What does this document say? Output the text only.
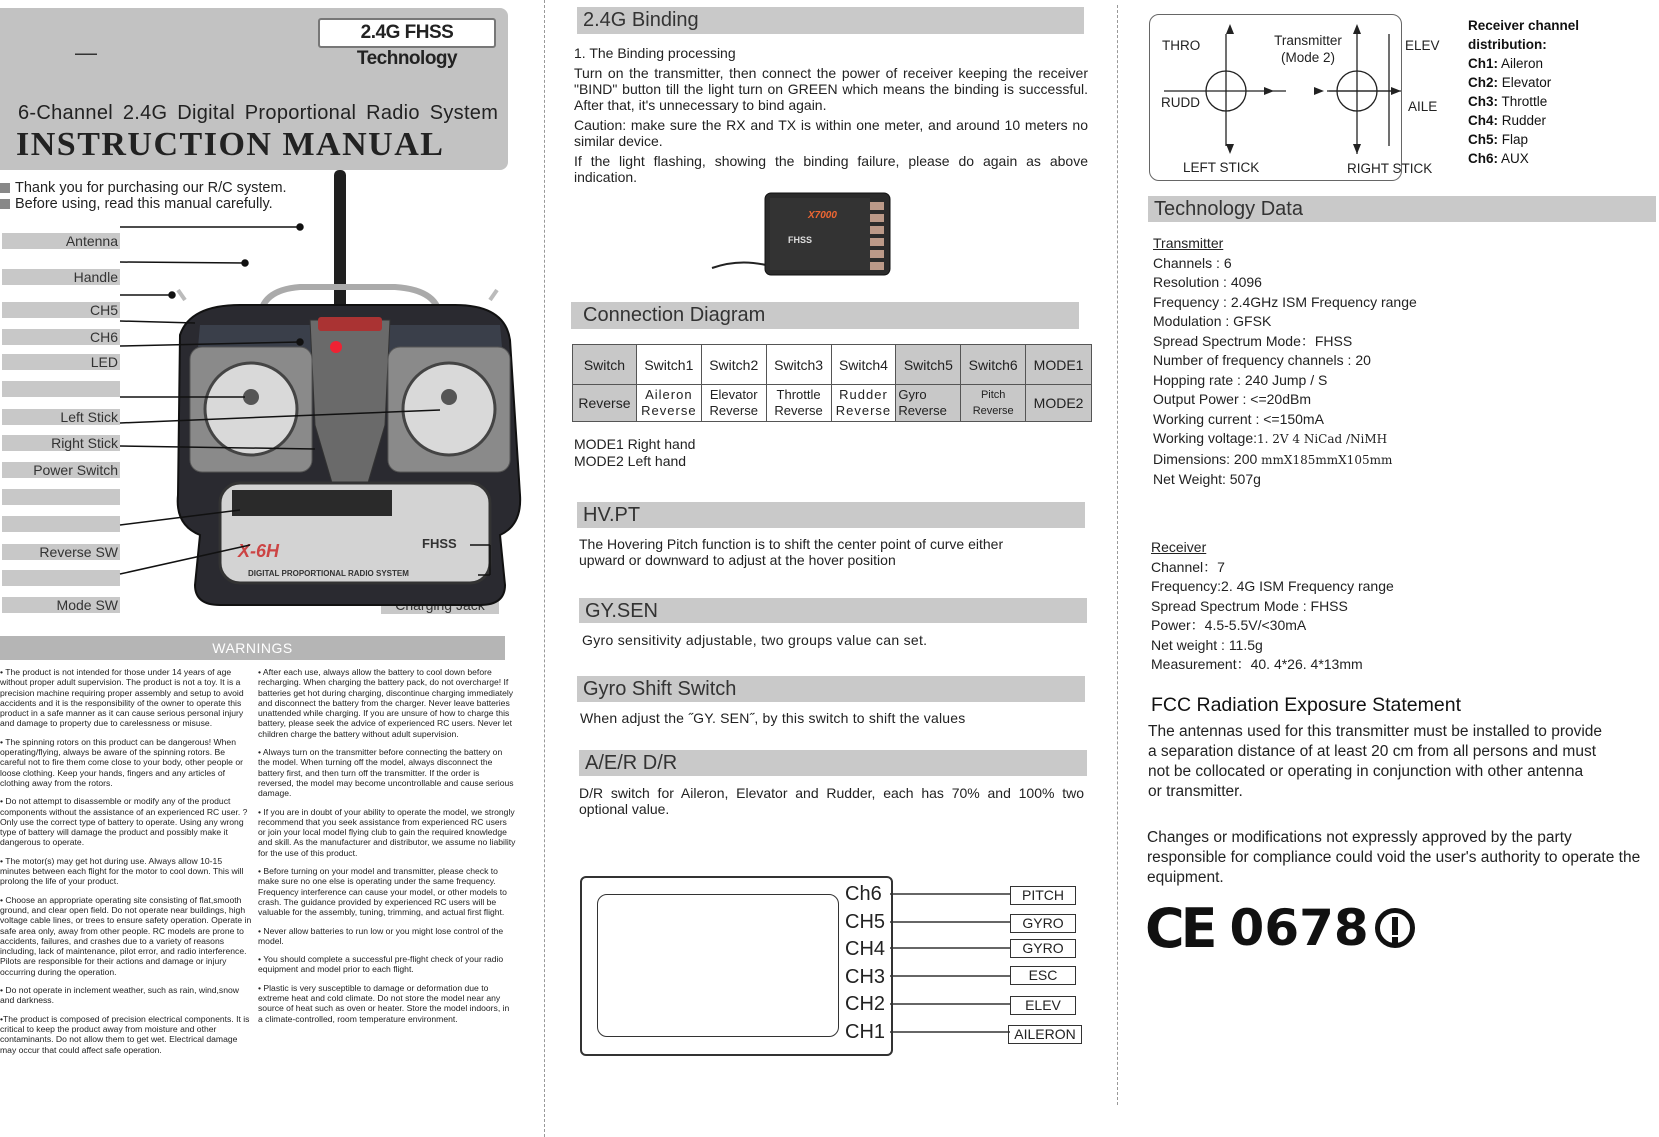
2.4G FHSS Technology
—
6-Channel 2.4G Digital Proportional Radio System
INSTRUCTION MANUAL
Thank you for purchasing our R/C system.
Before using, read this manual carefully.
Antenna
Handle
CH5
CH6
LED
Left Stick
Right Stick
Power Switch
Reverse SW
Mode SW
X-6H	FHSS
DIGITAL PROPORTIONAL RADIO SYSTEM
WARNINGS

• The product is not intended for those under 14 years of age without proper adult supervision. The product is not a toy. It is a precision machine requiring proper assembly and setup to avoid accidents and it is the responsibility of the owner to operate this product in a safe manner as it can cause serious personal injury and damage to property due to carelessness or misuse.

• The spinning rotors on this product can be dangerous! When operating/flying, always be aware of the spinning rotors. Be careful not to fire them come close to your body, other people or loose clothing. Keep your hands, fingers and any articles of clothing away from the rotors.

• Do not attempt to disassemble or modify any of the product components without the assistance of an experienced RC user. ? Only use the correct type of battery to operate. Using any wrong type of battery will damage the product and possibly make it dangerous to operate.

• The motor(s) may get hot during use. Always allow 10-15 minutes between each flight for the motor to cool down. This will prolong the life of your product.

• Choose an appropriate operating site consisting of flat,smooth ground, and clear open field. Do not operate near buildings, high voltage cable lines, or trees to ensure safety operation. Operate in safe area only, away from other people. RC models are prone to accidents, failures, and crashes due to a variety of reasons including, lack of maintenance, pilot error, and radio interference. Pilots are responsible for their actions and damage or injury occurring during the operation.

• Do not operate in inclement weather, such as rain, wind,snow and darkness.

•The product is composed of precision electrical components. It is critical to keep the product away from moisture and other contaminants. Do not allow them to get wet. Electrical damage may occur that could affect safe operation.

• After each use, always allow the battery to cool down before recharging. When charging the battery pack, do not overcharge! If batteries get hot during charging, discontinue charging immediately and disconnect the battery from the charger. Never leave batteries unattended while charging. If you are unsure of how to charge this battery, please seek the advice of experienced RC users. Never let children charge the battery without adult supervision.

• Always turn on the transmitter before connecting the battery on the model. When turning off the model, always disconnect the battery first, and then turn off the transmitter. If the order is reversed, the model may become uncontrollable and cause serious damage.

• If you are in doubt of your ability to operate the model, we strongly recommend that you seek assistance from experienced RC users or join your local model flying club to gain the required knowledge and skill. As the manufacturer and distributor, we assume no liability for the use of this product.

• Before turning on your model and transmitter, please check to make sure no one else is operating under the same frequency. Frequency interference can cause your model, or other models to crash. The guidance provided by experienced RC users will be valuable for the assembly, tuning, trimming, and actual first flight.

• Never allow batteries to run low or you might lose control of the model.

• You should complete a successful pre-flight check of your radio equipment and model prior to each flight.

• Plastic is very susceptible to damage or deformation due to extreme heat and cold climate. Do not store the model near any source of heat such as oven or heater. Store the model indoors, in a climate-controlled, room temperature environment.

2.4G Binding
1. The Binding processing
Turn on the transmitter, then connect the power of receiver keeping the receiver "BIND" button till the light turn on GREEN which means the binding is successful. After that, it's unnecessary to bind again.
Caution: make sure the RX and TX is within one meter, and around 10 meters no similar device.
If the light flashing, showing the binding failure, please do again as above indication.
X7000
FHSS
Connection Diagram
Switch	Switch1	Switch2	Switch3	Switch4	Switch5	Switch6	MODE1
Reverse	Aileron Reverse	Elevator Reverse	Throttle Reverse	Rudder Reverse	Gyro Reverse	Pitch Reverse	MODE2
MODE1 Right hand
MODE2 Left hand
HV.PT
The Hovering Pitch function is to shift the center point of curve either upward or downward to adjust at the hover position
GY.SEN
Gyro sensitivity adjustable, two groups value can set.
Gyro Shift Switch
When adjust the ˝GY. SEN˝, by this switch to shift the values
A/E/R D/R
D/R switch for Aileron, Elevator and Rudder, each has 70% and 100% two optional value.
Ch6
CH5
CH4
CH3
CH2
CH1
PITCH
GYRO
GYRO
ESC
ELEV
AILERON
THRO
RUDD
ELEV
AILE
Transmitter
(Mode 2)
LEFT STICK	RIGHT STICK
Receiver channel distribution:
Ch1: Aileron
Ch2: Elevator
Ch3: Throttle
Ch4: Rudder
Ch5: Flap
Ch6: AUX
Technology Data
Transmitter
Channels : 6
Resolution : 4096
Frequency : 2.4GHz ISM Frequency range
Modulation : GFSK
Spread Spectrum Mode：FHSS
Number of frequency channels : 20
Hopping rate : 240 Jump / S
Output Power : <=20dBm
Working current : <=150mA
Working voltage:1. 2V 4 NiCad /NiMH
Dimensions: 200 mmX185mmX105mm
Net Weight: 507g
Receiver
Channel：7
Frequency:2. 4G ISM Frequency range
Spread Spectrum Mode : FHSS
Power：4.5-5.5V/<30mA
Net weight : 11.5g
Measurement：40. 4*26. 4*13mm
FCC Radiation Exposure Statement
The antennas used for this transmitter must be installed to provide
a separation distance of at least 20 cm from all persons and must
not be collocated or operating in conjunction with other antenna
or transmitter.
Changes or modifications not expressly approved by the party responsible for compliance could void the user's authority to operate the equipment.
CE 0678
